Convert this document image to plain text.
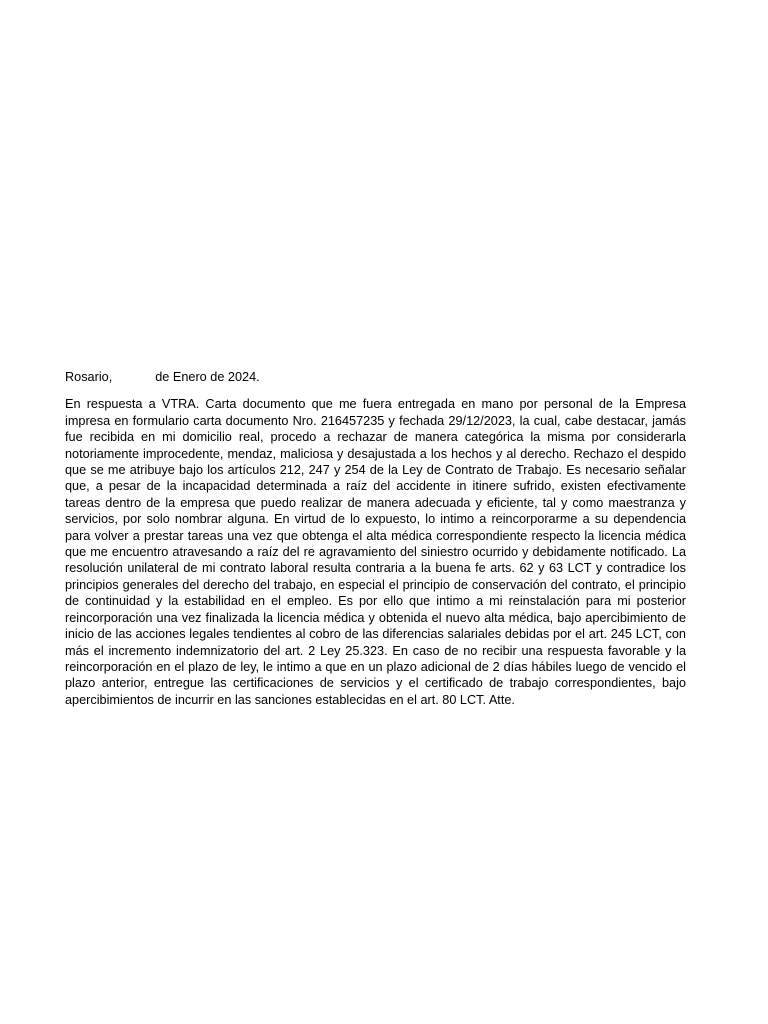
Rosario,	de Enero de 2024.

En respuesta a VTRA. Carta documento que me fuera entregada en mano por personal de la Empresa impresa en formulario carta documento Nro. 216457235 y fechada 29/12/2023, la cual, cabe destacar, jamás fue recibida en mi domicilio real, procedo a rechazar de manera categórica la misma por considerarla notoriamente improcedente, mendaz, maliciosa y desajustada a los hechos y al derecho. Rechazo el despido que se me atribuye bajo los artículos 212, 247 y 254 de la Ley de Contrato de Trabajo. Es necesario señalar que, a pesar de la incapacidad determinada a raíz del accidente in itinere sufrido, existen efectivamente tareas dentro de la empresa que puedo realizar de manera adecuada y eficiente, tal y como maestranza y servicios, por solo nombrar alguna. En virtud de lo expuesto, lo intimo a reincorporarme a su dependencia para volver a prestar tareas una vez que obtenga el alta médica correspondiente respecto la licencia médica que me encuentro atravesando a raíz del re agravamiento del siniestro ocurrido y debidamente notificado. La resolución unilateral de mi contrato laboral resulta contraria a la buena fe arts. 62 y 63 LCT y contradice los principios generales del derecho del trabajo, en especial el principio de conservación del contrato, el principio de continuidad y la estabilidad en el empleo. Es por ello que intimo a mi reinstalación para mi posterior reincorporación una vez finalizada la licencia médica y obtenida el nuevo alta médica, bajo apercibimiento de inicio de las acciones legales tendientes al cobro de las diferencias salariales debidas por el art. 245 LCT, con más el incremento indemnizatorio del art. 2 Ley 25.323. En caso de no recibir una respuesta favorable y la reincorporación en el plazo de ley, le intimo a que en un plazo adicional de 2 días hábiles luego de vencido el plazo anterior, entregue las certificaciones de servicios y el certificado de trabajo correspondientes, bajo apercibimientos de incurrir en las sanciones establecidas en el art. 80 LCT. Atte.
